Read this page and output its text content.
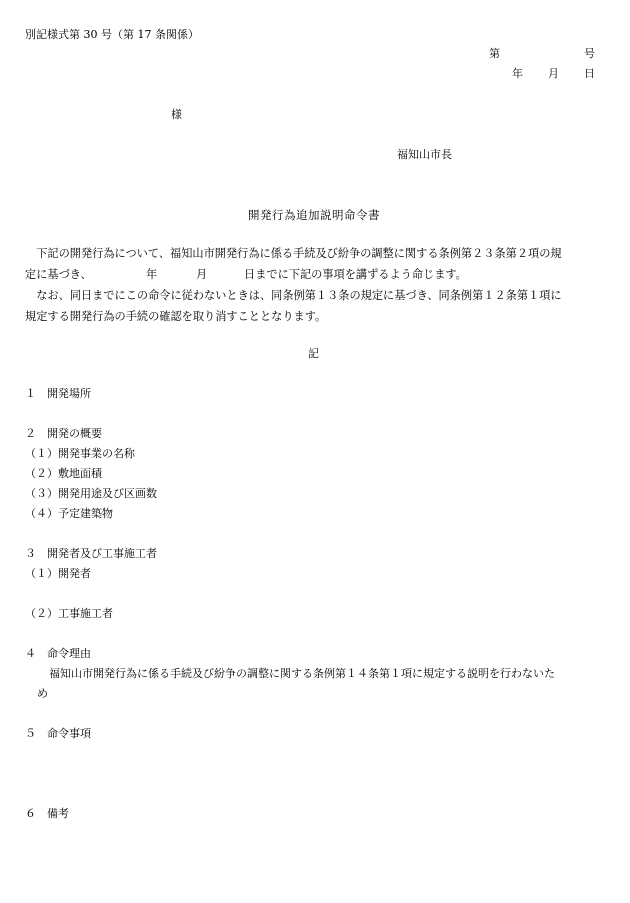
別記様式第 30 号（第 17 条関係）
第	号
年 月 日
様
福知山市長
開発行為追加説明命令書
　下記の開発行為について、福知山市開発行為に係る手続及び紛争の調整に関する条例第２３条第２項の規
定に基づき、	年	月	日までに下記の事項を講ずるよう命じます。
　なお、同日までにこの命令に従わないときは、同条例第１３条の規定に基づき、同条例第１２条第１項に
規定する開発行為の手続の確認を取り消すこととなります。
記
１　開発場所
２　開発の概要
（１）開発事業の名称
（２）敷地面積
（３）開発用途及び区画数
（４）予定建築物
３　開発者及び工事施工者
（１）開発者
（２）工事施工者
４　命令理由
福知山市開発行為に係る手続及び紛争の調整に関する条例第１４条第１項に規定する説明を行わないた
め
５　命令事項
６　備考
